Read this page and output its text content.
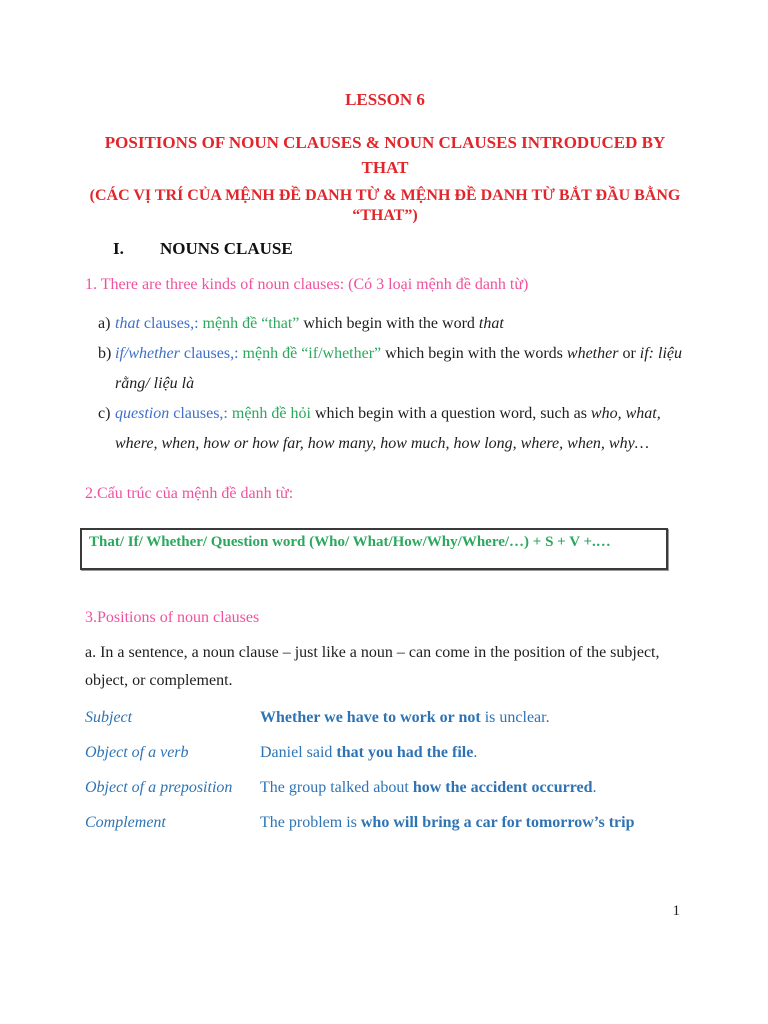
LESSON 6
POSITIONS OF NOUN CLAUSES & NOUN CLAUSES INTRODUCED BY THAT
(CÁC VỊ TRÍ CỦA MỆNH ĐỀ DANH TỪ & MỆNH ĐỀ DANH TỪ BẮT ĐẦU BẰNG “THAT”)
I. NOUNS CLAUSE
1. There are three kinds of noun clauses: (Có 3 loại mệnh đề danh từ)
a) that clauses,: mệnh đề “that” which begin with the word that
b) if/whether clauses,: mệnh đề “if/whether” which begin with the words whether or if: liệu rằng/ liệu là
c) question clauses,: mệnh đề hỏi which begin with a question word, such as who, what, where, when, how or how far, how many, how much, how long, where, when, why…
2.Cấu trúc của mệnh đề danh từ:
That/ If/ Whether/ Question word (Who/ What/How/Why/Where/…) + S + V +.…
3.Positions of noun clauses
a. In a sentence, a noun clause – just like a noun – can come in the position of the subject, object, or complement.
Subject	Whether we have to work or not is unclear.
Object of a verb	Daniel said that you had the file.
Object of a preposition	The group talked about how the accident occurred.
Complement	The problem is who will bring a car for tomorrow’s trip
1
